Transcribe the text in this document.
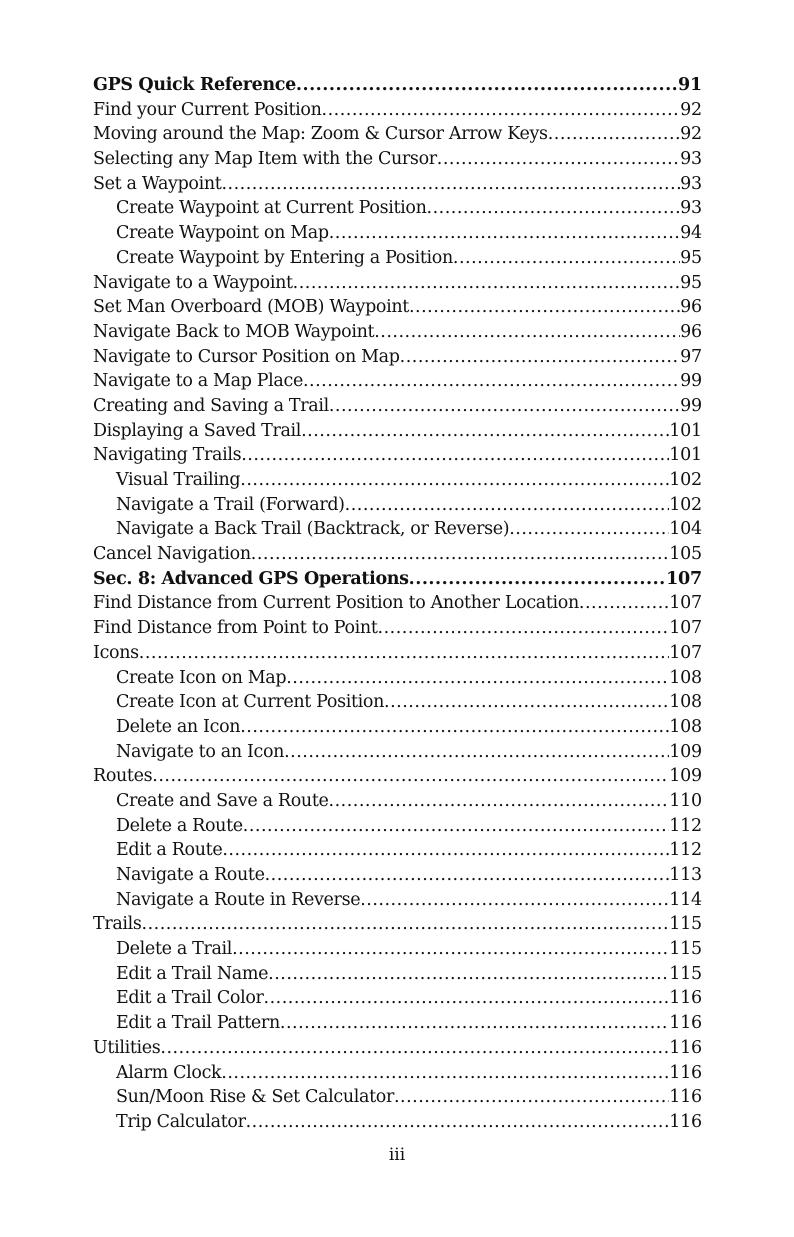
GPS Quick Reference .....	91
Find your Current Position .....	92
Moving around the Map: Zoom & Cursor Arrow Keys .....	92
Selecting any Map Item with the Cursor .....	93
Set a Waypoint .....	93
Create Waypoint at Current Position .....	93
Create Waypoint on Map .....	94
Create Waypoint by Entering a Position .....	95
Navigate to a Waypoint .....	95
Set Man Overboard (MOB) Waypoint .....	96
Navigate Back to MOB Waypoint .....	96
Navigate to Cursor Position on Map .....	97
Navigate to a Map Place .....	99
Creating and Saving a Trail .....	99
Displaying a Saved Trail .....	101
Navigating Trails .....	101
Visual Trailing .....	102
Navigate a Trail (Forward) .....	102
Navigate a Back Trail (Backtrack, or Reverse) .....	104
Cancel Navigation .....	105
Sec. 8: Advanced GPS Operations .....	107
Find Distance from Current Position to Another Location .....	107
Find Distance from Point to Point .....	107
Icons .....	107
Create Icon on Map .....	108
Create Icon at Current Position .....	108
Delete an Icon .....	108
Navigate to an Icon .....	109
Routes .....	109
Create and Save a Route .....	110
Delete a Route .....	112
Edit a Route .....	112
Navigate a Route .....	113
Navigate a Route in Reverse .....	114
Trails .....	115
Delete a Trail .....	115
Edit a Trail Name .....	115
Edit a Trail Color .....	116
Edit a Trail Pattern .....	116
Utilities .....	116
Alarm Clock .....	116
Sun/Moon Rise & Set Calculator .....	116
Trip Calculator .....	116
iii
